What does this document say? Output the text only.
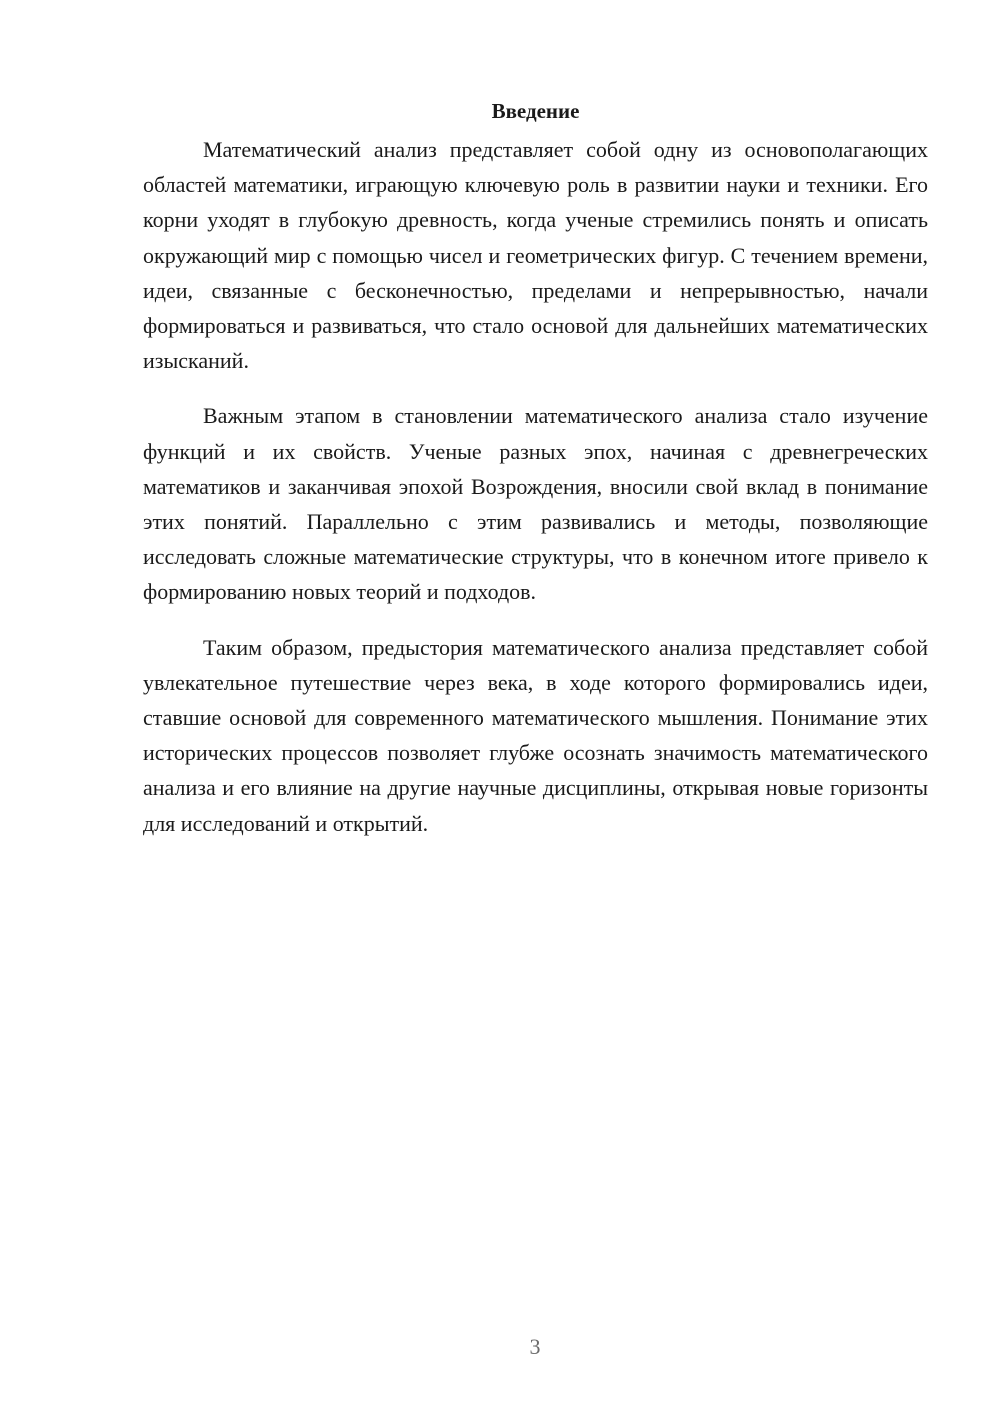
Введение

Математический анализ представляет собой одну из основополагающих областей математики, играющую ключевую роль в развитии науки и техники. Его корни уходят в глубокую древность, когда ученые стремились понять и описать окружающий мир с помощью чисел и геометрических фигур. С течением времени, идеи, связанные с бесконечностью, пределами и непрерывностью, начали формироваться и развиваться, что стало основой для дальнейших математических изысканий.

Важным этапом в становлении математического анализа стало изучение функций и их свойств. Ученые разных эпох, начиная с древнегреческих математиков и заканчивая эпохой Возрождения, вносили свой вклад в понимание этих понятий. Параллельно с этим развивались и методы, позволяющие исследовать сложные математические структуры, что в конечном итоге привело к формированию новых теорий и подходов.

Таким образом, предыстория математического анализа представляет собой увлекательное путешествие через века, в ходе которого формировались идеи, ставшие основой для современного математического мышления. Понимание этих исторических процессов позволяет глубже осознать значимость математического анализа и его влияние на другие научные дисциплины, открывая новые горизонты для исследований и открытий.

3
